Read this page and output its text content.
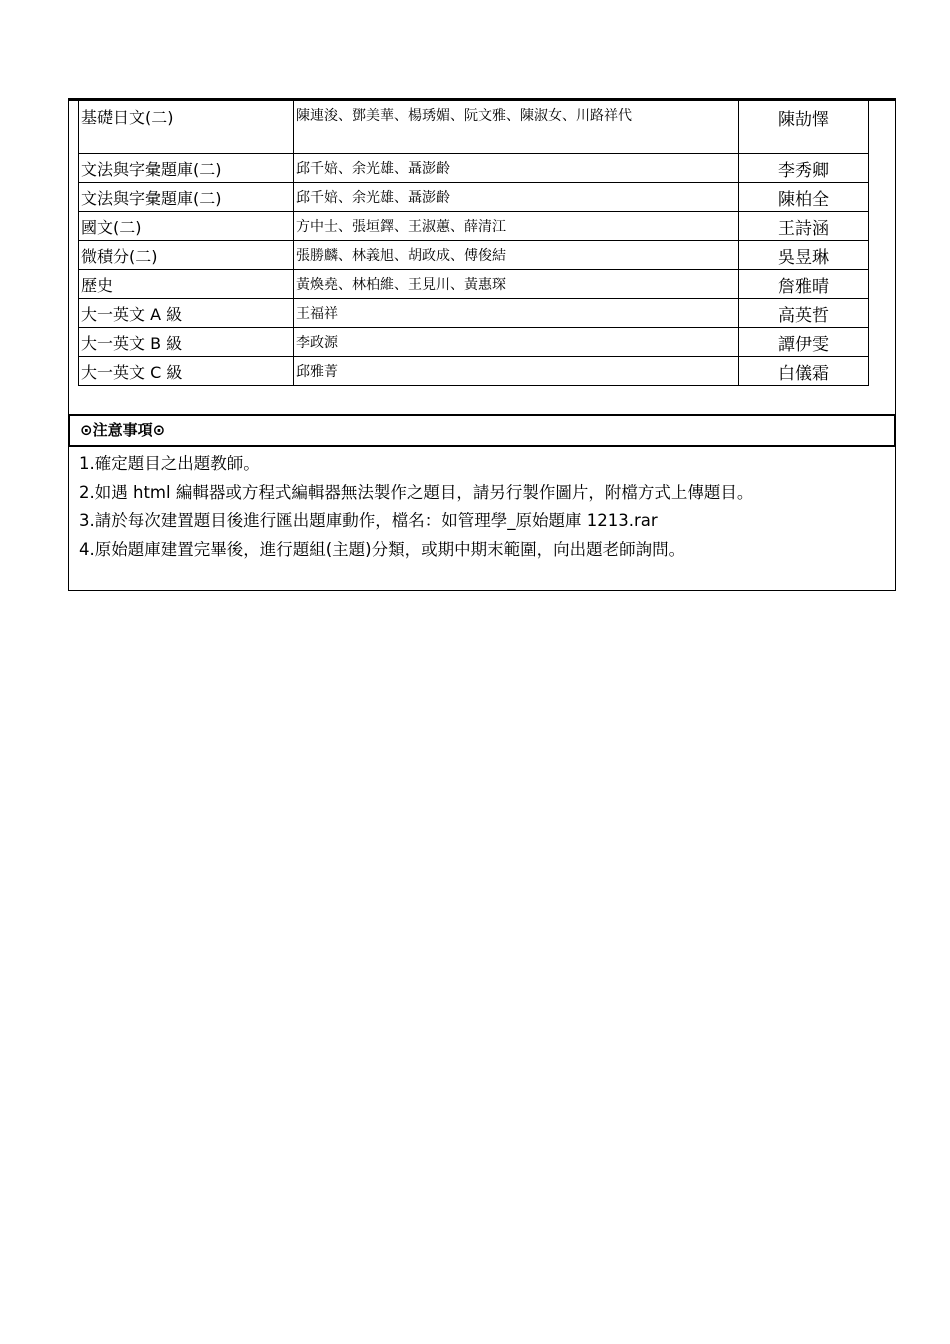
基礎日文(二)	陳連浚、鄧美華、楊琇媚、阮文雅、陳淑女、川路祥代	陳劼懌
文法與字彙題庫(二)	邱千婄、余光雄、聶澎齡	李秀卿
文法與字彙題庫(二)	邱千婄、余光雄、聶澎齡	陳柏全
國文(二)	方中士、張垣鐸、王淑蕙、薛清江	王詩涵
微積分(二)	張勝麟、林義旭、胡政成、傅俊結	吳昱琳
歷史	黃煥堯、林柏維、王見川、黃惠琛	詹雅晴
大一英文 A 級	王福祥	高英哲
大一英文 B 級	李政源	譚伊雯
大一英文 C 級	邱雅菁	白儀霜
⊙注意事項⊙
1.確定題目之出題教師。
2.如遇 html 編輯器或方程式編輯器無法製作之題目，請另行製作圖片，附檔方式上傳題目。
3.請於每次建置題目後進行匯出題庫動作，檔名：如管理學_原始題庫 1213.rar
4.原始題庫建置完畢後，進行題組(主題)分類，或期中期末範圍，向出題老師詢問。
